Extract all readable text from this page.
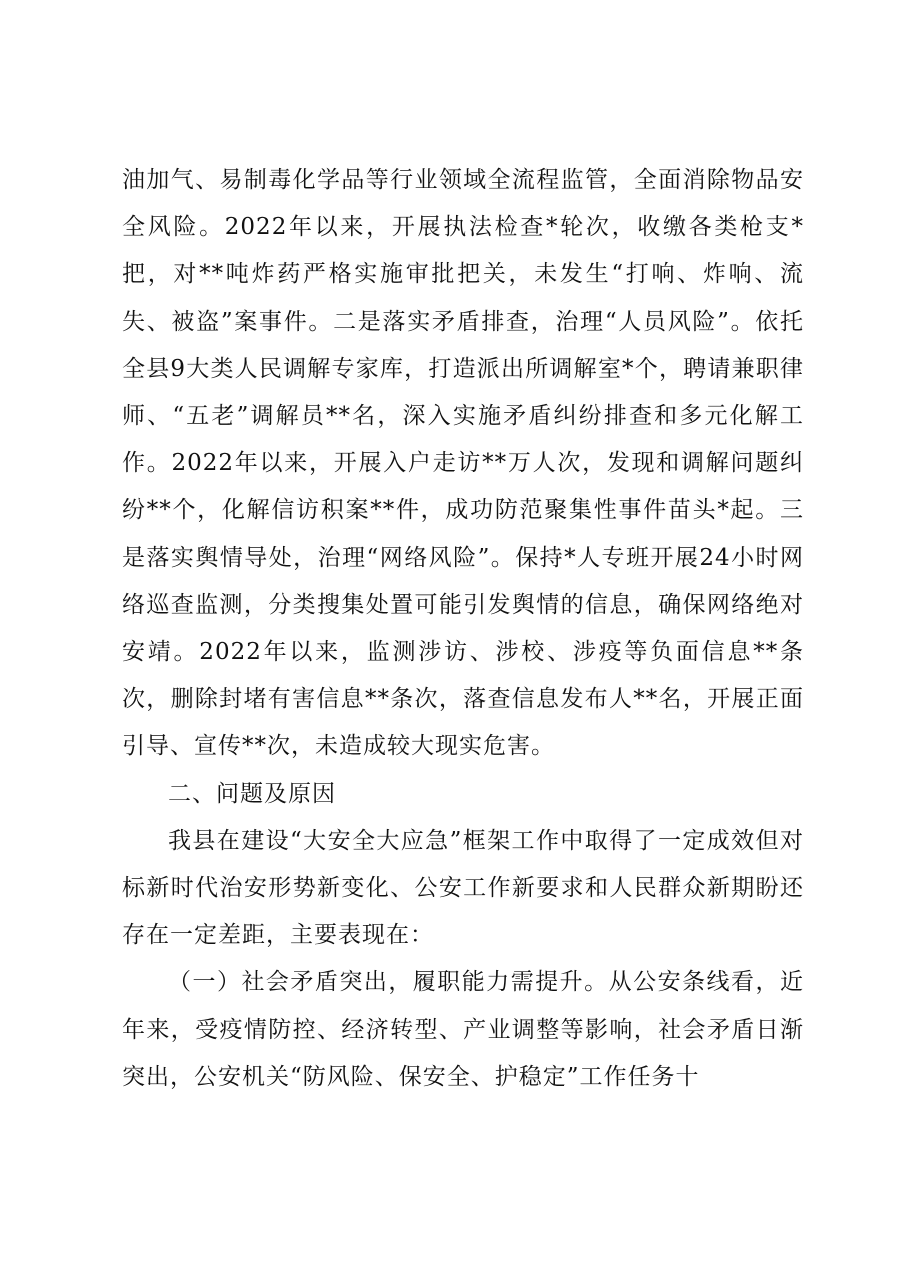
油加气、易制毒化学品等行业领域全流程监管，全面消除物品安全风险。2022年以来，开展执法检查*轮次，收缴各类枪支*把，对**吨炸药严格实施审批把关，未发生“打响、炸响、流失、被盗”案事件。二是落实矛盾排查，治理“人员风险”。依托全县9大类人民调解专家库，打造派出所调解室*个，聘请兼职律师、“五老”调解员**名，深入实施矛盾纠纷排查和多元化解工作。2022年以来，开展入户走访**万人次，发现和调解问题纠纷**个，化解信访积案**件，成功防范聚集性事件苗头*起。三是落实舆情导处，治理“网络风险”。保持*人专班开展24小时网络巡查监测，分类搜集处置可能引发舆情的信息，确保网络绝对安靖。2022年以来，监测涉访、涉校、涉疫等负面信息**条次，删除封堵有害信息**条次，落查信息发布人**名，开展正面引导、宣传**次，未造成较大现实危害。

二、问题及原因

我县在建设“大安全大应急”框架工作中取得了一定成效但对标新时代治安形势新变化、公安工作新要求和人民群众新期盼还存在一定差距，主要表现在：

（一）社会矛盾突出，履职能力需提升。从公安条线看，近年来，受疫情防控、经济转型、产业调整等影响，社会矛盾日渐突出，公安机关“防风险、保安全、护稳定”工作任务十
